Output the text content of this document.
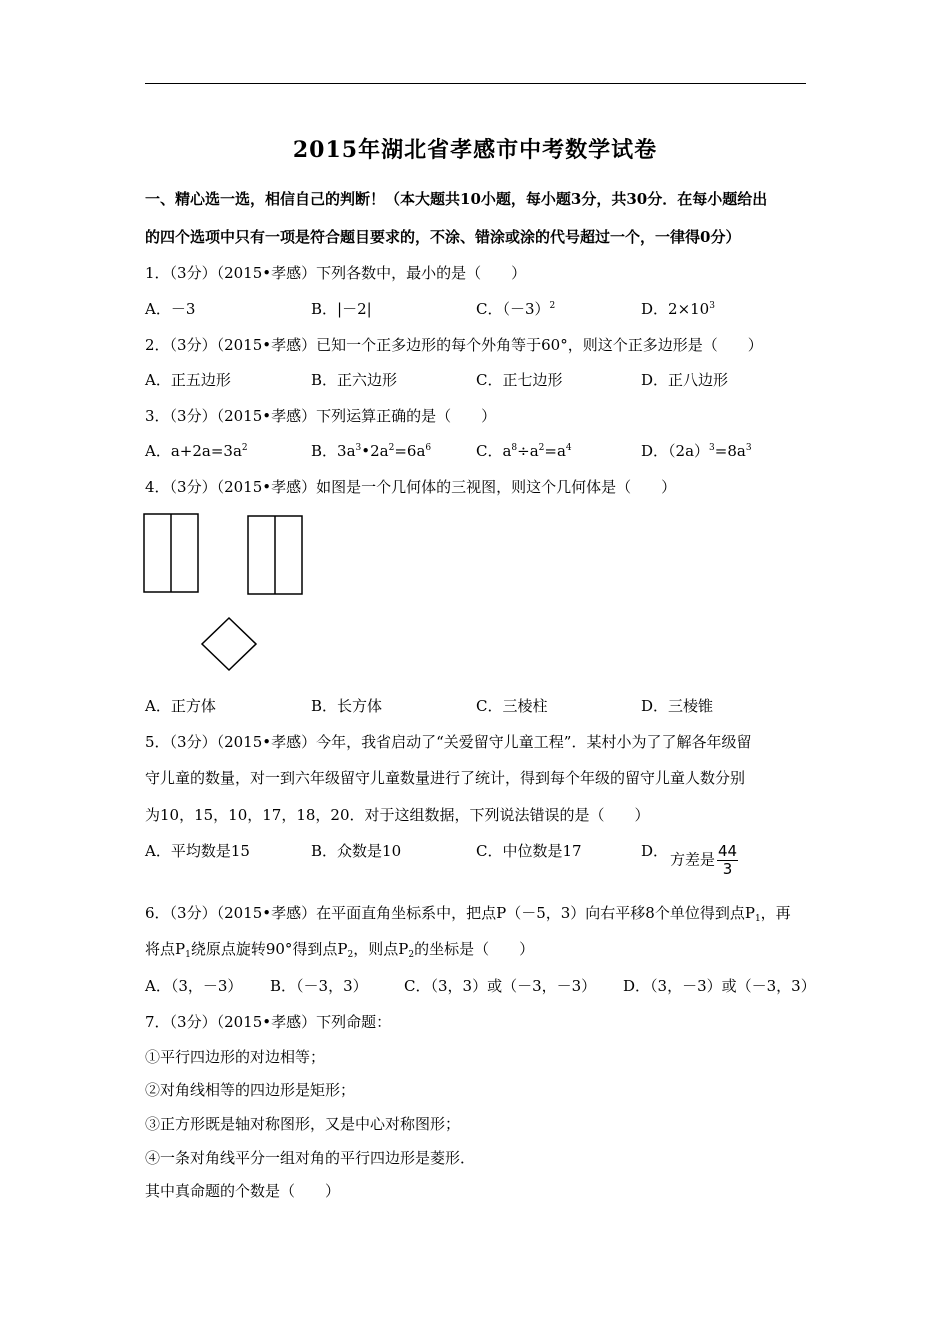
2015年湖北省孝感市中考数学试卷
一、精心选一选，相信自己的判断！（本大题共10小题，每小题3分，共30分．在每小题给出
的四个选项中只有一项是符合题目要求的，不涂、错涂或涂的代号超过一个，一律得0分）
1．（3分）（2015•孝感）下列各数中，最小的是（　　）
A．－3	B．|－2|	C．$(-3)^2$	D．$2\times 10^3$
2．（3分）（2015•孝感）已知一个正多边形的每个外角等于60°，则这个正多边形是（　　）
A．正五边形	B．正六边形	C．正七边形	D．正八边形
3．（3分）（2015•孝感）下列运算正确的是（　　）
A．$a+2a=3a^2$	B．$3a^3•2a^2=6a^6$	C．$a^8\div a^2=a^4$	D．$(2a)^3=8a^3$
4．（3分）（2015•孝感）如图是一个几何体的三视图，则这个几何体是（　　）
A．正方体	B．长方体	C．三棱柱	D．三棱锥
5．（3分）（2015•孝感）今年，我省启动了“关爱留守儿童工程”．某村小为了了解各年级留
守儿童的数量，对一到六年级留守儿童数量进行了统计，得到每个年级的留守儿童人数分别
为10，15，10，17，18，20．对于这组数据，下列说法错误的是（　　）
A．平均数是15	B．众数是10	C．中位数是17	D． 方差是 $\frac{44}{3}$
6．（3分）（2015•孝感）在平面直角坐标系中，把点P（－5，3）向右平移8个单位得到点$P_1$，再
将点$P_1$绕原点旋转90°得到点$P_2$，则点$P_2$的坐标是（　　）
A．（3，－3） B．（－3，3） C．（3，3）或（－3，－3） D．（3，－3）或（－3，3）
7．（3分）（2015•孝感）下列命题：
①平行四边形的对边相等；
②对角线相等的四边形是矩形；
③正方形既是轴对称图形，又是中心对称图形；
④一条对角线平分一组对角的平行四边形是菱形．
其中真命题的个数是（　　）
